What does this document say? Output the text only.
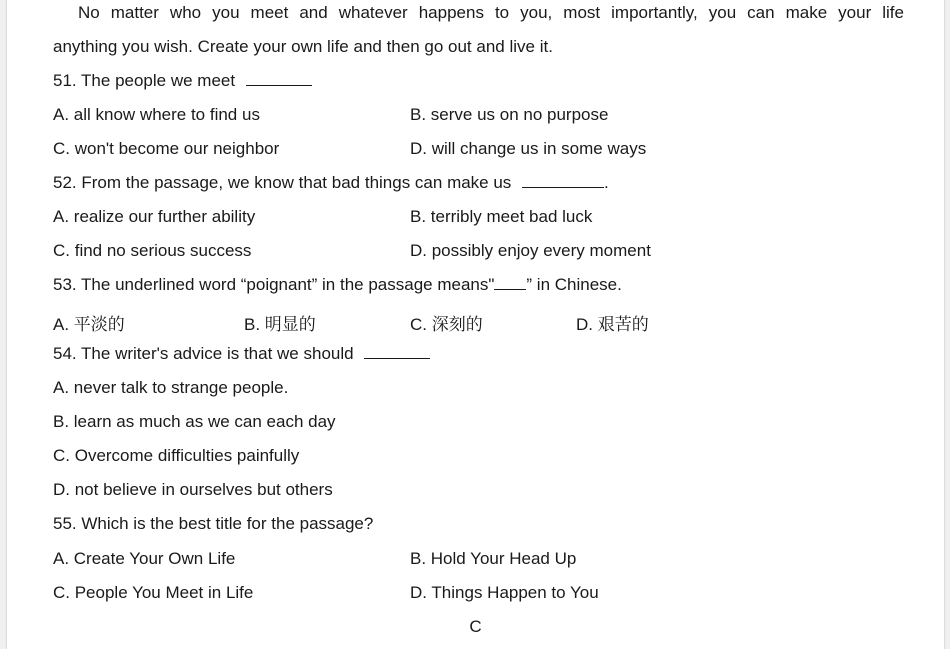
No matter who you meet and whatever happens to you, most importantly, you can make your life
anything you wish. Create your own life and then go out and live it.
51. The people we meet
A. all know where to find us	B. serve us on no purpose
C. won't become our neighbor	D. will change us in some ways
52. From the passage, we know that bad things can make us	.
A. realize our further ability	B. terribly meet bad luck
C. find no serious success	D. possibly enjoy every moment
53. The underlined word “poignant” in the passage means" ” in Chinese.
A. 平淡的	B. 明显的	C. 深刻的	D. 艰苦的
54. The writer's advice is that we should
A. never talk to strange people.
B. learn as much as we can each day
C. Overcome difficulties painfully
D. not believe in ourselves but others
55. Which is the best title for the passage?
A. Create Your Own Life	B. Hold Your Head Up
C. People You Meet in Life	D. Things Happen to You
C
